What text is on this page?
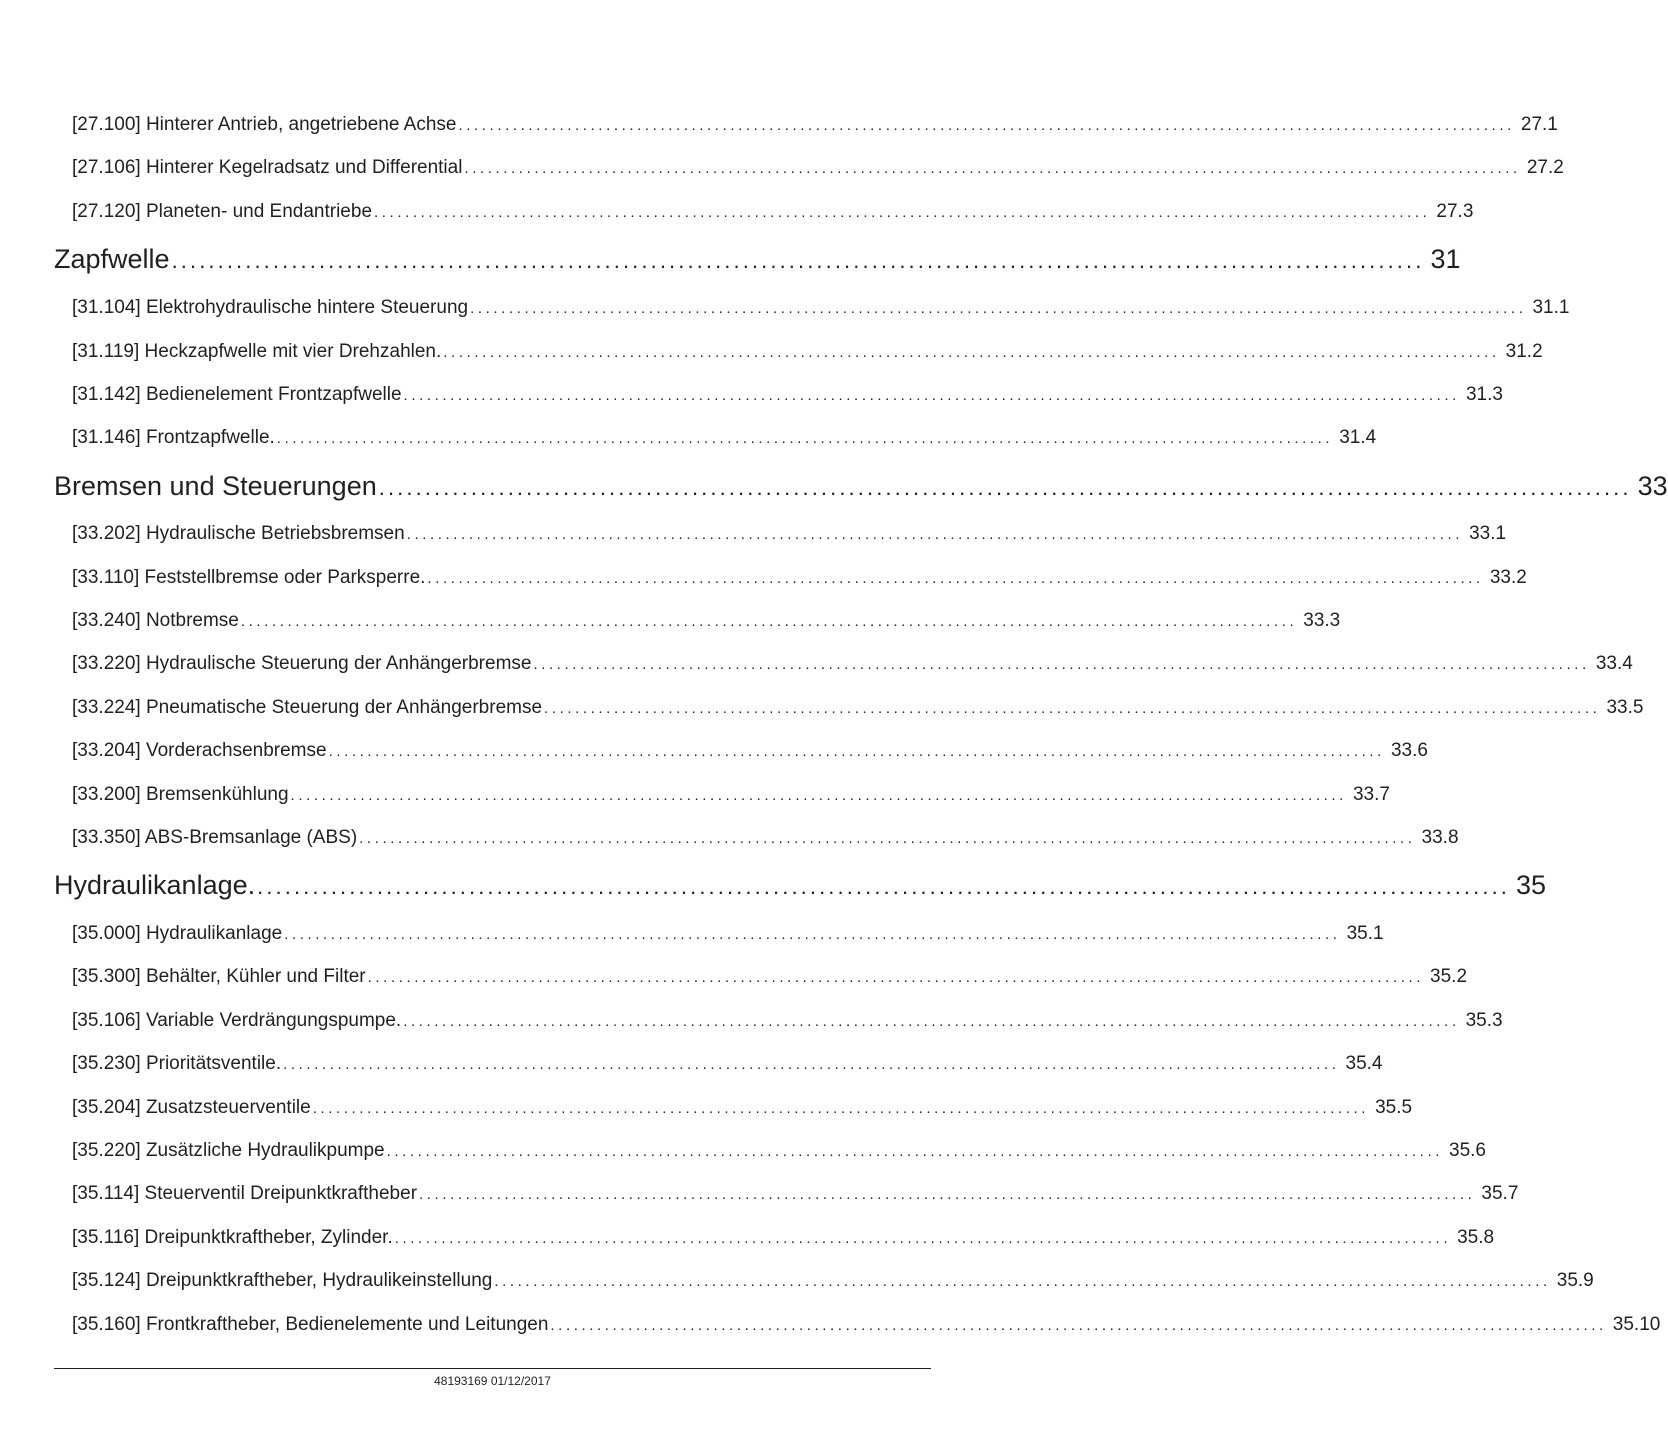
[27.100] Hinterer Antrieb, angetriebene Achse ........................................................................................................................................ 27.1
[27.106] Hinterer Kegelradsatz und Differential ........................................................................................................................................ 27.2
[27.120] Planeten- und Endantriebe ........................................................................................................................................ 27.3
Zapfwelle ........................................................................................................................................ 31
[31.104] Elektrohydraulische hintere Steuerung ........................................................................................................................................ 31.1
[31.119] Heckzapfwelle mit vier Drehzahlen. ........................................................................................................................................ 31.2
[31.142] Bedienelement Frontzapfwelle ........................................................................................................................................ 31.3
[31.146] Frontzapfwelle. ........................................................................................................................................ 31.4
Bremsen und Steuerungen ........................................................................................................................................ 33
[33.202] Hydraulische Betriebsbremsen ........................................................................................................................................ 33.1
[33.110] Feststellbremse oder Parksperre. ........................................................................................................................................ 33.2
[33.240] Notbremse ........................................................................................................................................ 33.3
[33.220] Hydraulische Steuerung der Anhängerbremse ........................................................................................................................................ 33.4
[33.224] Pneumatische Steuerung der Anhängerbremse ........................................................................................................................................ 33.5
[33.204] Vorderachsenbremse ........................................................................................................................................ 33.6
[33.200] Bremsenkühlung ........................................................................................................................................ 33.7
[33.350] ABS-Bremsanlage (ABS) ........................................................................................................................................ 33.8
Hydraulikanlage. ........................................................................................................................................ 35
[35.000] Hydraulikanlage ........................................................................................................................................ 35.1
[35.300] Behälter, Kühler und Filter ........................................................................................................................................ 35.2
[35.106] Variable Verdrängungspumpe. ........................................................................................................................................ 35.3
[35.230] Prioritätsventile. ........................................................................................................................................ 35.4
[35.204] Zusatzsteuerventile ........................................................................................................................................ 35.5
[35.220] Zusätzliche Hydraulikpumpe ........................................................................................................................................ 35.6
[35.114] Steuerventil Dreipunktkraftheber ........................................................................................................................................ 35.7
[35.116] Dreipunktkraftheber, Zylinder. ........................................................................................................................................ 35.8
[35.124] Dreipunktkraftheber, Hydraulikeinstellung ........................................................................................................................................ 35.9
[35.160] Frontkraftheber, Bedienelemente und Leitungen ........................................................................................................................................ 35.10
48193169 01/12/2017
